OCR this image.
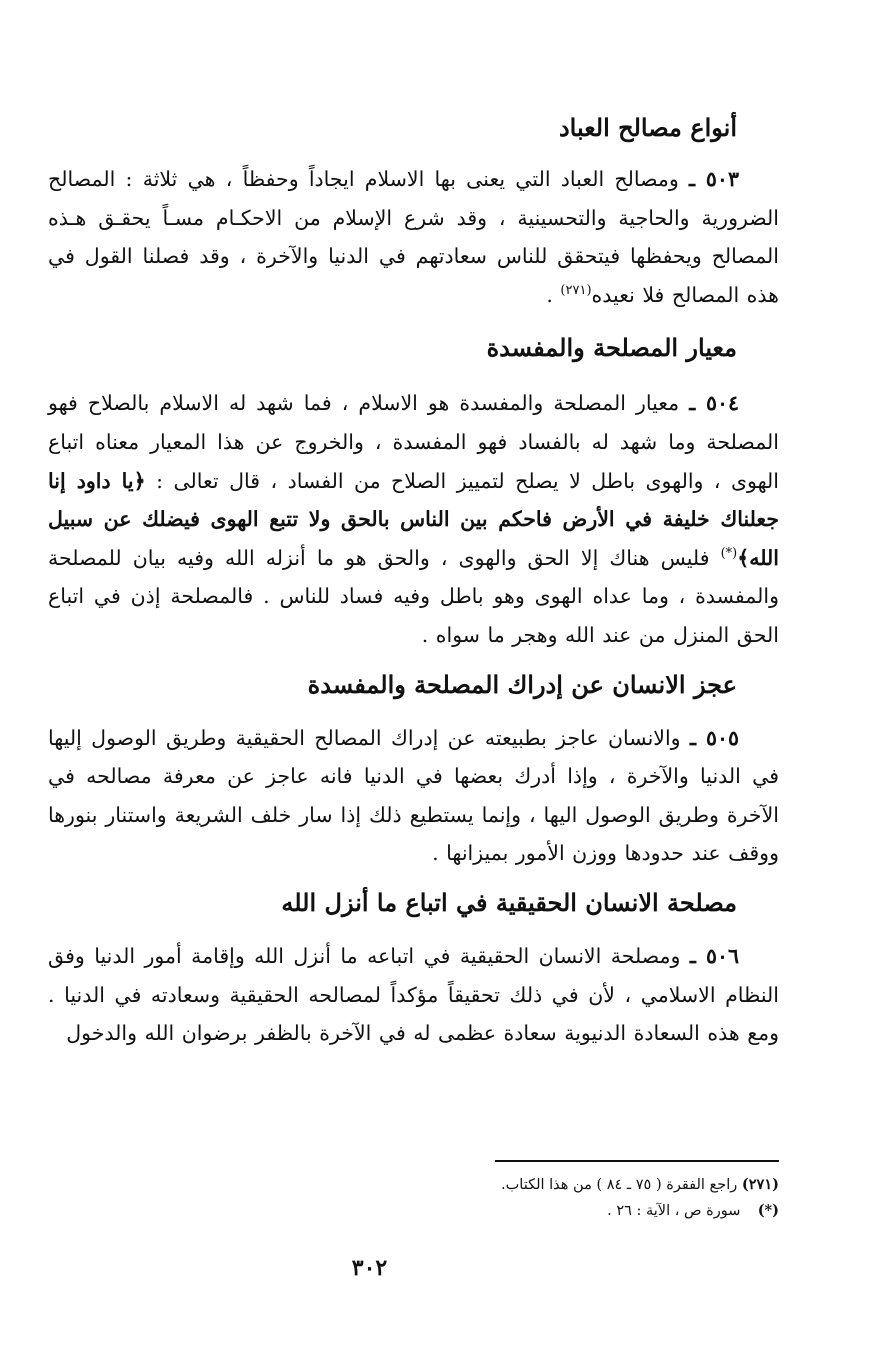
أنواع مصالح العباد

٥٠٣ ـ ومصالح العباد التي يعنى بها الاسلام ايجاداً وحفظاً ، هي ثلاثة : المصالح الضرورية والحاجية والتحسينية ، وقد شرع الإسلام من الاحكـام مسـاً يحقـق هـذه المصالح ويحفظها فيتحقق للناس سعادتهم في الدنيا والآخرة ، وقد فصلنا القول في هذه المصالح فلا نعيده$^{(٢٧١)}$ .

معيار المصلحة والمفسدة

٥٠٤ ـ معيار المصلحة والمفسدة هو الاسلام ، فما شهد له الاسلام بالصلاح فهو المصلحة وما شهد له بالفساد فهو المفسدة ، والخروج عن هذا المعيار معناه اتباع الهوى ، والهوى باطل لا يصلح لتمييز الصلاح من الفساد ، قال تعالى : ﴿يا داود إنا جعلناك خليفة في الأرض فاحكم بين الناس بالحق ولا تتبع الهوى فيضلك عن سبيل الله﴾(*) فليس هناك إلا الحق والهوى ، والحق هو ما أنزله الله وفيه بيان للمصلحة والمفسدة ، وما عداه الهوى وهو باطل وفيه فساد للناس . فالمصلحة إذن في اتباع الحق المنزل من عند الله وهجر ما سواه .

عجز الانسان عن إدراك المصلحة والمفسدة

٥٠٥ ـ والانسان عاجز بطبيعته عن إدراك المصالح الحقيقية وطريق الوصول إليها في الدنيا والآخرة ، وإذا أدرك بعضها في الدنيا فانه عاجز عن معرفة مصالحه في الآخرة وطريق الوصول اليها ، وإنما يستطيع ذلك إذا سار خلف الشريعة واستنار بنورها ووقف عند حدودها ووزن الأمور بميزانها .

مصلحة الانسان الحقيقية في اتباع ما أنزل الله

٥٠٦ ـ ومصلحة الانسان الحقيقية في اتباعه ما أنزل الله وإقامة أمور الدنيا وفق النظام الاسلامي ، لأن في ذلك تحقيقاً مؤكداً لمصالحه الحقيقية وسعادته في الدنيا . ومع هذه السعادة الدنيوية سعادة عظمى له في الآخرة بالظفر برضوان الله والدخول

(٢٧١) راجع الفقرة ( ٧٥ ـ ٨٤ ) من هذا الكتاب.

(*) سورة ص ، الآية : ٢٦ .

٣٠٢
